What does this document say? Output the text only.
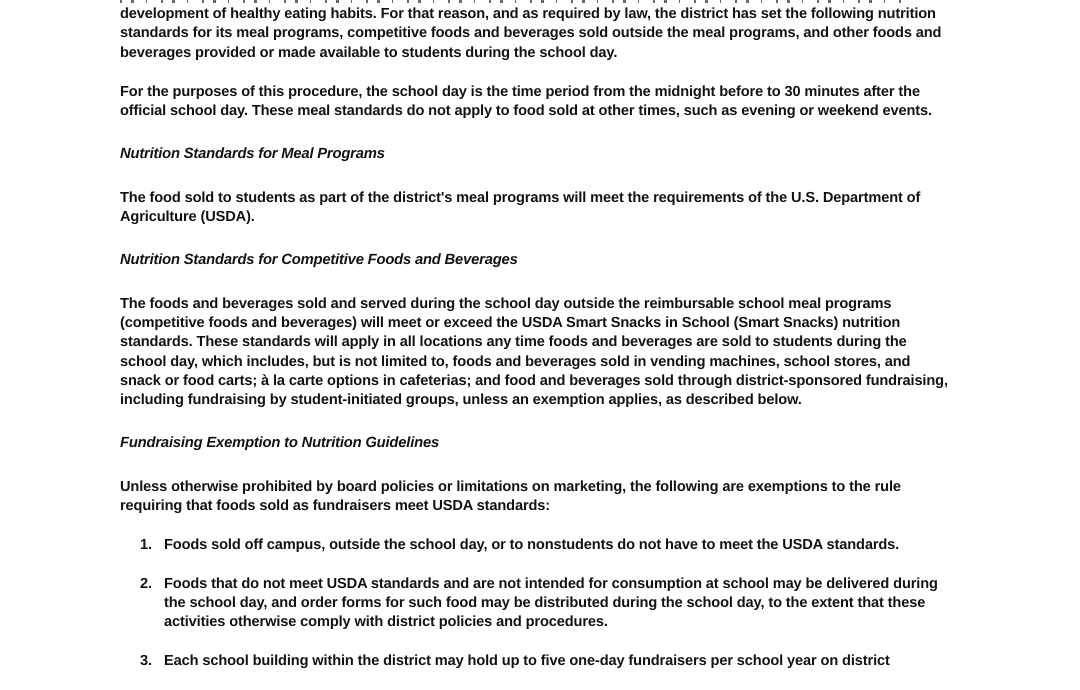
development of healthy eating habits. For that reason, and as required by law, the district has set the following nutrition standards for its meal programs, competitive foods and beverages sold outside the meal programs, and other foods and beverages provided or made available to students during the school day.

For the purposes of this procedure, the school day is the time period from the midnight before to 30 minutes after the official school day. These meal standards do not apply to food sold at other times, such as evening or weekend events.

Nutrition Standards for Meal Programs

The food sold to students as part of the district's meal programs will meet the requirements of the U.S. Department of Agriculture (USDA).

Nutrition Standards for Competitive Foods and Beverages

The foods and beverages sold and served during the school day outside the reimbursable school meal programs (competitive foods and beverages) will meet or exceed the USDA Smart Snacks in School (Smart Snacks) nutrition standards. These standards will apply in all locations any time foods and beverages are sold to students during the school day, which includes, but is not limited to, foods and beverages sold in vending machines, school stores, and snack or food carts; à la carte options in cafeterias; and food and beverages sold through district-sponsored fundraising, including fundraising by student-initiated groups, unless an exemption applies, as described below.

Fundraising Exemption to Nutrition Guidelines

Unless otherwise prohibited by board policies or limitations on marketing, the following are exemptions to the rule requiring that foods sold as fundraisers meet USDA standards:

1. Foods sold off campus, outside the school day, or to nonstudents do not have to meet the USDA standards.
2. Foods that do not meet USDA standards and are not intended for consumption at school may be delivered during the school day, and order forms for such food may be distributed during the school day, to the extent that these activities otherwise comply with district policies and procedures.
3. Each school building within the district may hold up to five one-day fundraisers per school year on district
